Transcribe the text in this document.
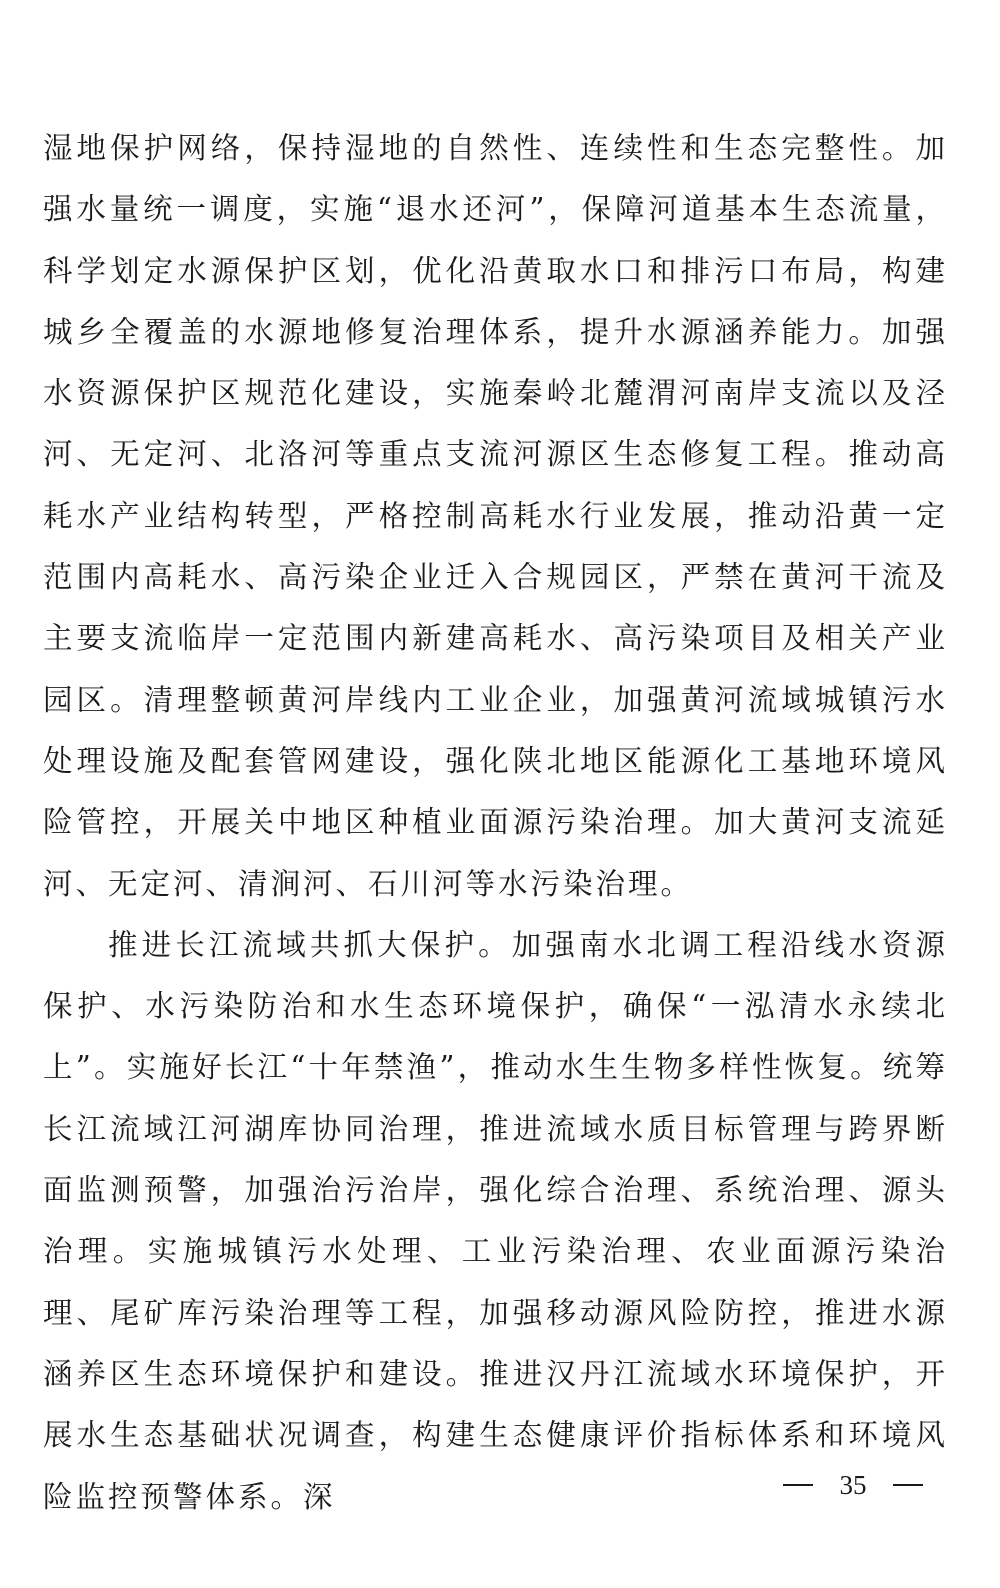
湿地保护网络，保持湿地的自然性、连续性和生态完整性。加强水量统一调度，实施“退水还河”，保障河道基本生态流量，科学划定水源保护区划，优化沿黄取水口和排污口布局，构建城乡全覆盖的水源地修复治理体系，提升水源涵养能力。加强水资源保护区规范化建设，实施秦岭北麓渭河南岸支流以及泾河、无定河、北洛河等重点支流河源区生态修复工程。推动高耗水产业结构转型，严格控制高耗水行业发展，推动沿黄一定范围内高耗水、高污染企业迁入合规园区，严禁在黄河干流及主要支流临岸一定范围内新建高耗水、高污染项目及相关产业园区。清理整顿黄河岸线内工业企业，加强黄河流域城镇污水处理设施及配套管网建设，强化陕北地区能源化工基地环境风险管控，开展关中地区种植业面源污染治理。加大黄河支流延河、无定河、清涧河、石川河等水污染治理。

推进长江流域共抓大保护。加强南水北调工程沿线水资源保护、水污染防治和水生态环境保护，确保“一泓清水永续北上”。实施好长江“十年禁渔”，推动水生生物多样性恢复。统筹长江流域江河湖库协同治理，推进流域水质目标管理与跨界断面监测预警，加强治污治岸，强化综合治理、系统治理、源头治理。实施城镇污水处理、工业污染治理、农业面源污染治理、尾矿库污染治理等工程，加强移动源风险防控，推进水源涵养区生态环境保护和建设。推进汉丹江流域水环境保护，开展水生态基础状况调查，构建生态健康评价指标体系和环境风险监控预警体系。深	35
